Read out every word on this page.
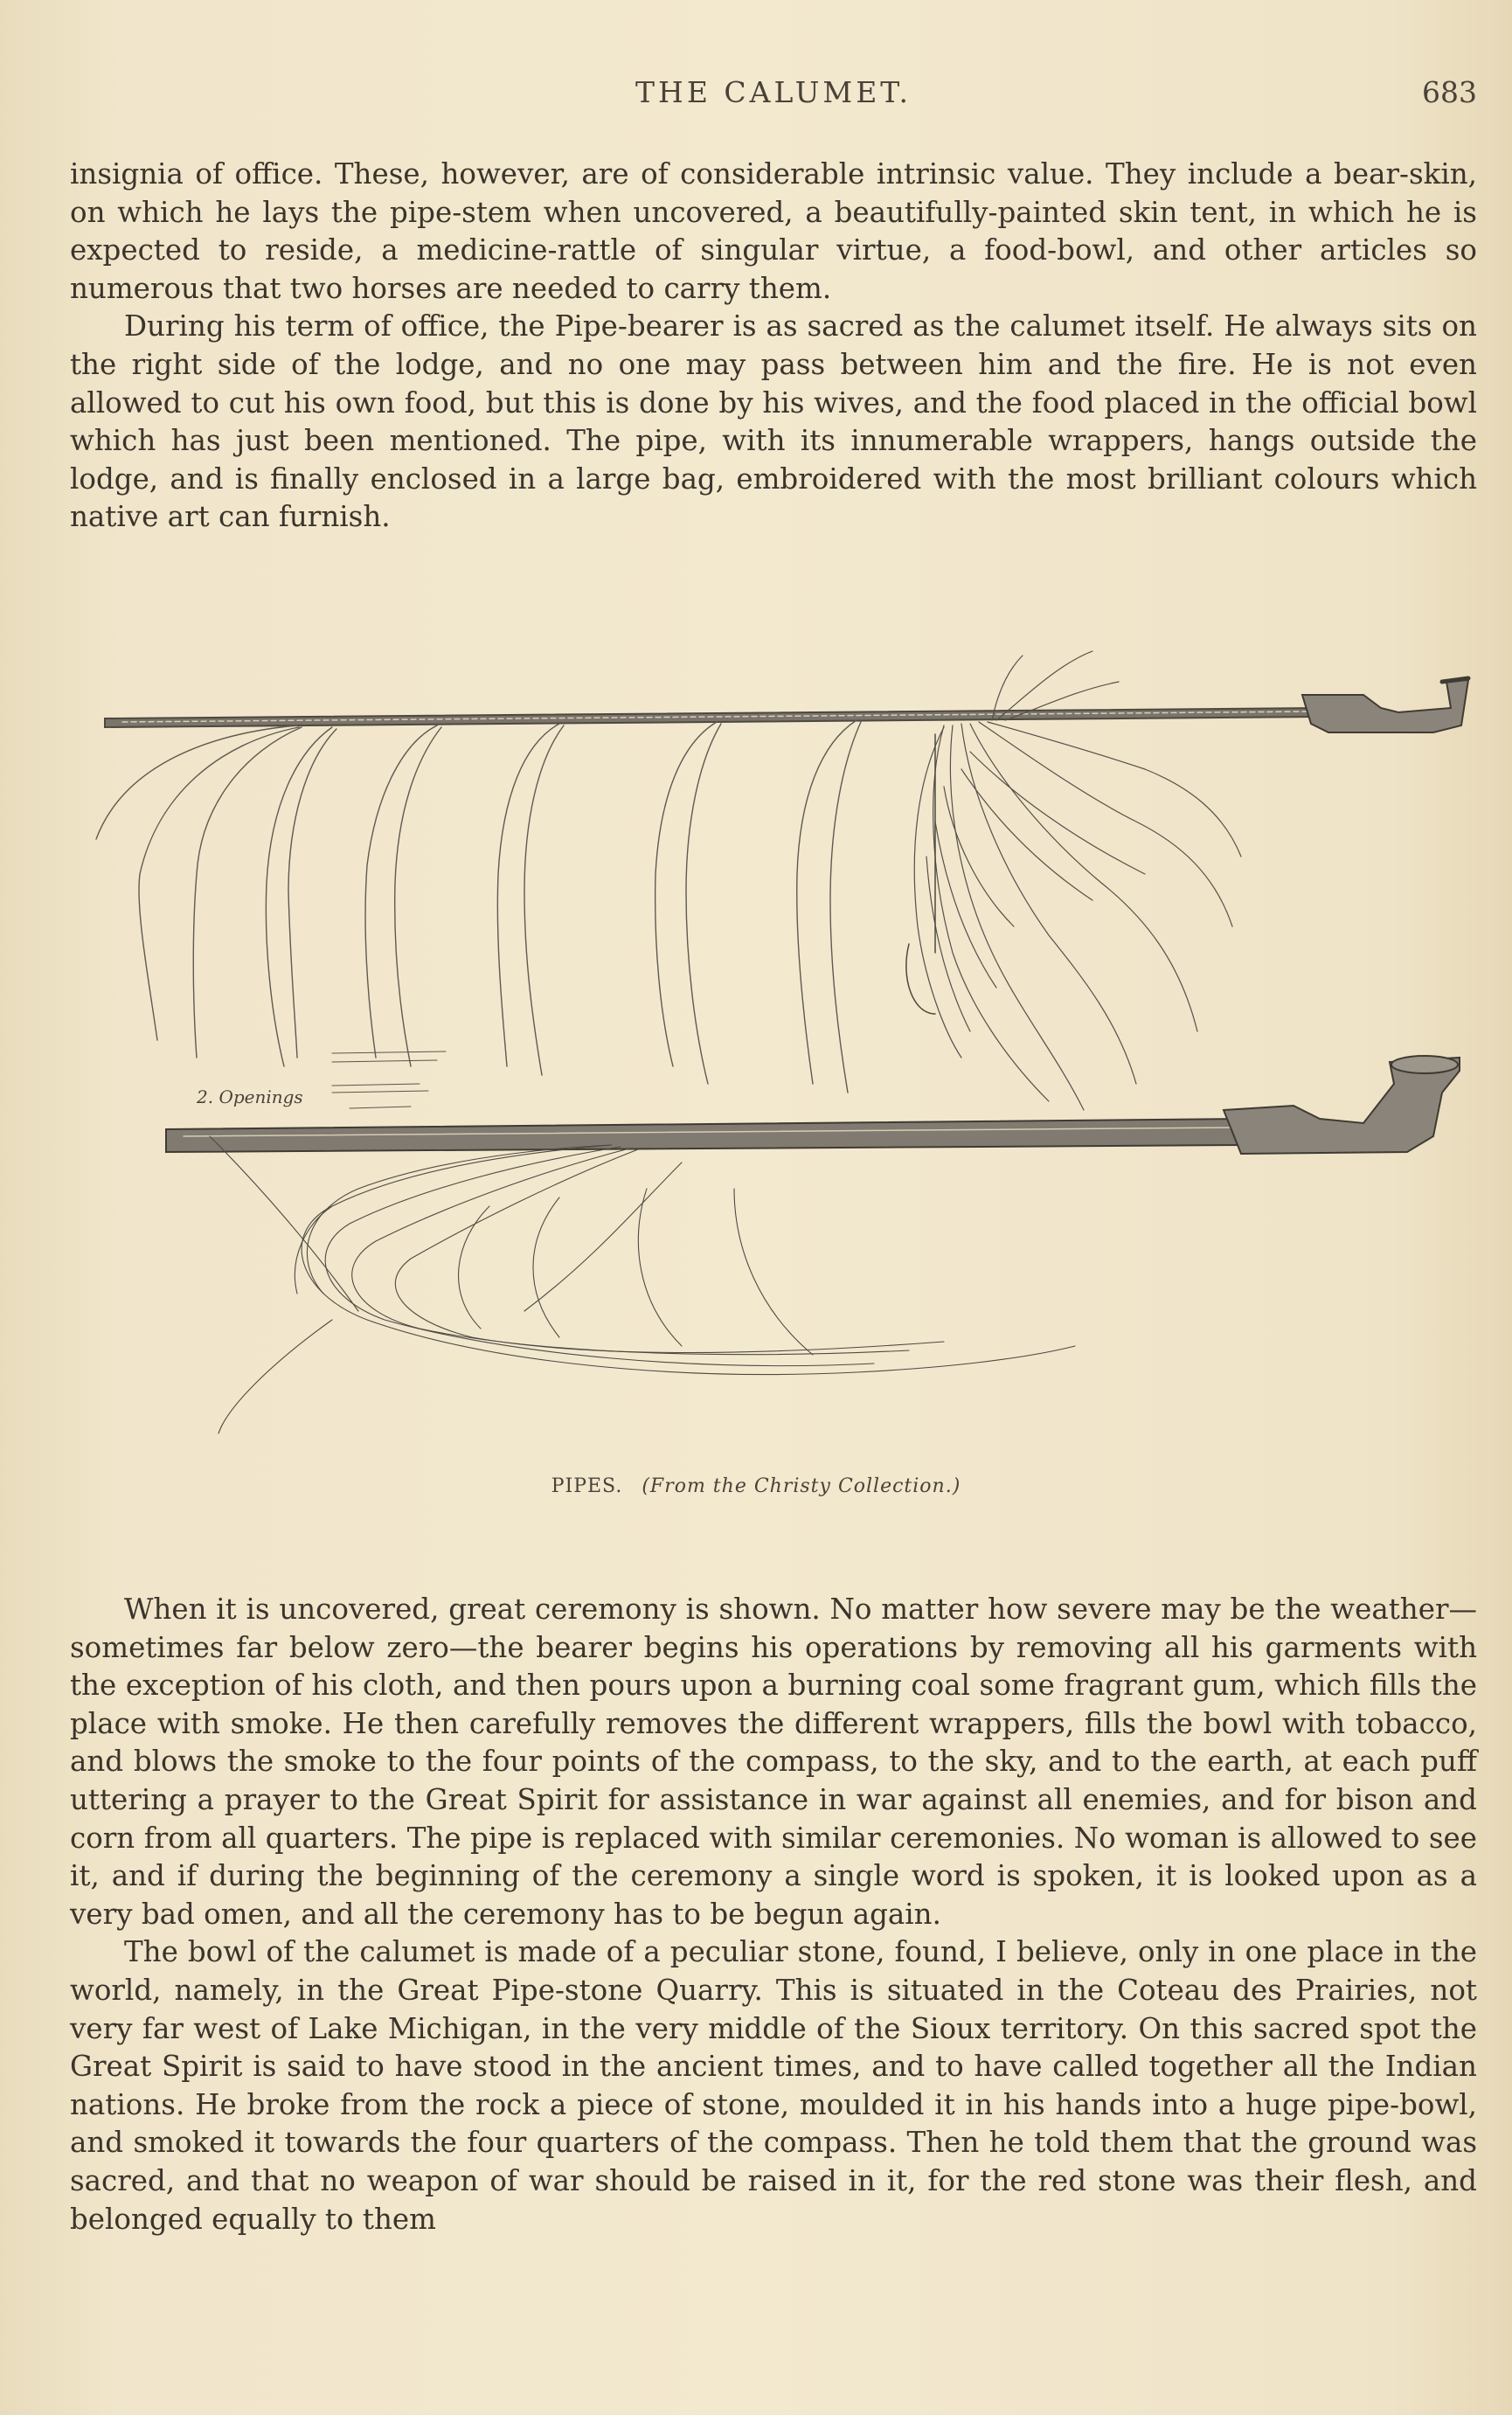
THE CALUMET.	683

insignia of office. These, however, are of considerable intrinsic value. They include a bear-skin, on which he lays the pipe-stem when uncovered, a beautifully-painted skin tent, in which he is expected to reside, a medicine-rattle of singular virtue, a food-bowl, and other articles so numerous that two horses are needed to carry them.

During his term of office, the Pipe-bearer is as sacred as the calumet itself. He always sits on the right side of the lodge, and no one may pass between him and the fire. He is not even allowed to cut his own food, but this is done by his wives, and the food placed in the official bowl which has just been mentioned. The pipe, with its innumerable wrappers, hangs outside the lodge, and is finally enclosed in a large bag, embroidered with the most brilliant colours which native art can furnish.

2. Openings
PIPES. (From the Christy Collection.)

When it is uncovered, great ceremony is shown. No matter how severe may be the weather—sometimes far below zero—the bearer begins his operations by removing all his garments with the exception of his cloth, and then pours upon a burning coal some fragrant gum, which fills the place with smoke. He then carefully removes the different wrappers, fills the bowl with tobacco, and blows the smoke to the four points of the compass, to the sky, and to the earth, at each puff uttering a prayer to the Great Spirit for assistance in war against all enemies, and for bison and corn from all quarters. The pipe is replaced with similar ceremonies. No woman is allowed to see it, and if during the beginning of the ceremony a single word is spoken, it is looked upon as a very bad omen, and all the ceremony has to be begun again.

The bowl of the calumet is made of a peculiar stone, found, I believe, only in one place in the world, namely, in the Great Pipe-stone Quarry. This is situated in the Coteau des Prairies, not very far west of Lake Michigan, in the very middle of the Sioux territory. On this sacred spot the Great Spirit is said to have stood in the ancient times, and to have called together all the Indian nations. He broke from the rock a piece of stone, moulded it in his hands into a huge pipe-bowl, and smoked it towards the four quarters of the compass. Then he told them that the ground was sacred, and that no weapon of war should be raised in it, for the red stone was their flesh, and belonged equally to them
